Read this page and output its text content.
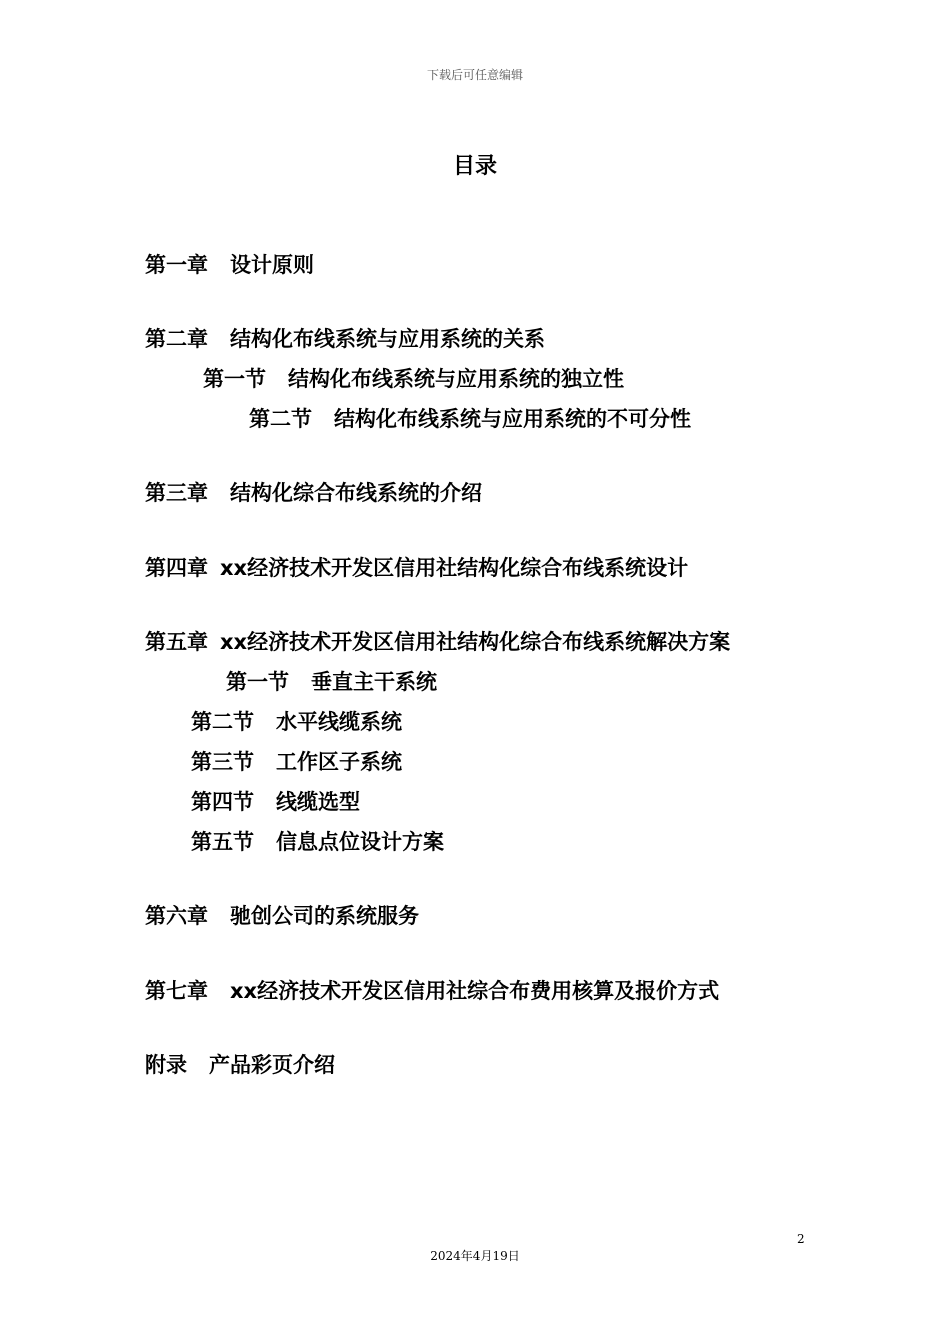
下载后可任意编辑
目录
第一章 设计原则
第二章 结构化布线系统与应用系统的关系
第一节 结构化布线系统与应用系统的独立性
第二节 结构化布线系统与应用系统的不可分性
第三章 结构化综合布线系统的介绍
第四章 xx经济技术开发区信用社结构化综合布线系统设计
第五章 xx经济技术开发区信用社结构化综合布线系统解决方案
第一节 垂直主干系统
第二节 水平线缆系统
第三节 工作区子系统
第四节 线缆选型
第五节 信息点位设计方案
第六章 驰创公司的系统服务
第七章 xx经济技术开发区信用社综合布费用核算及报价方式
附录 产品彩页介绍
2
2024年4月19日
